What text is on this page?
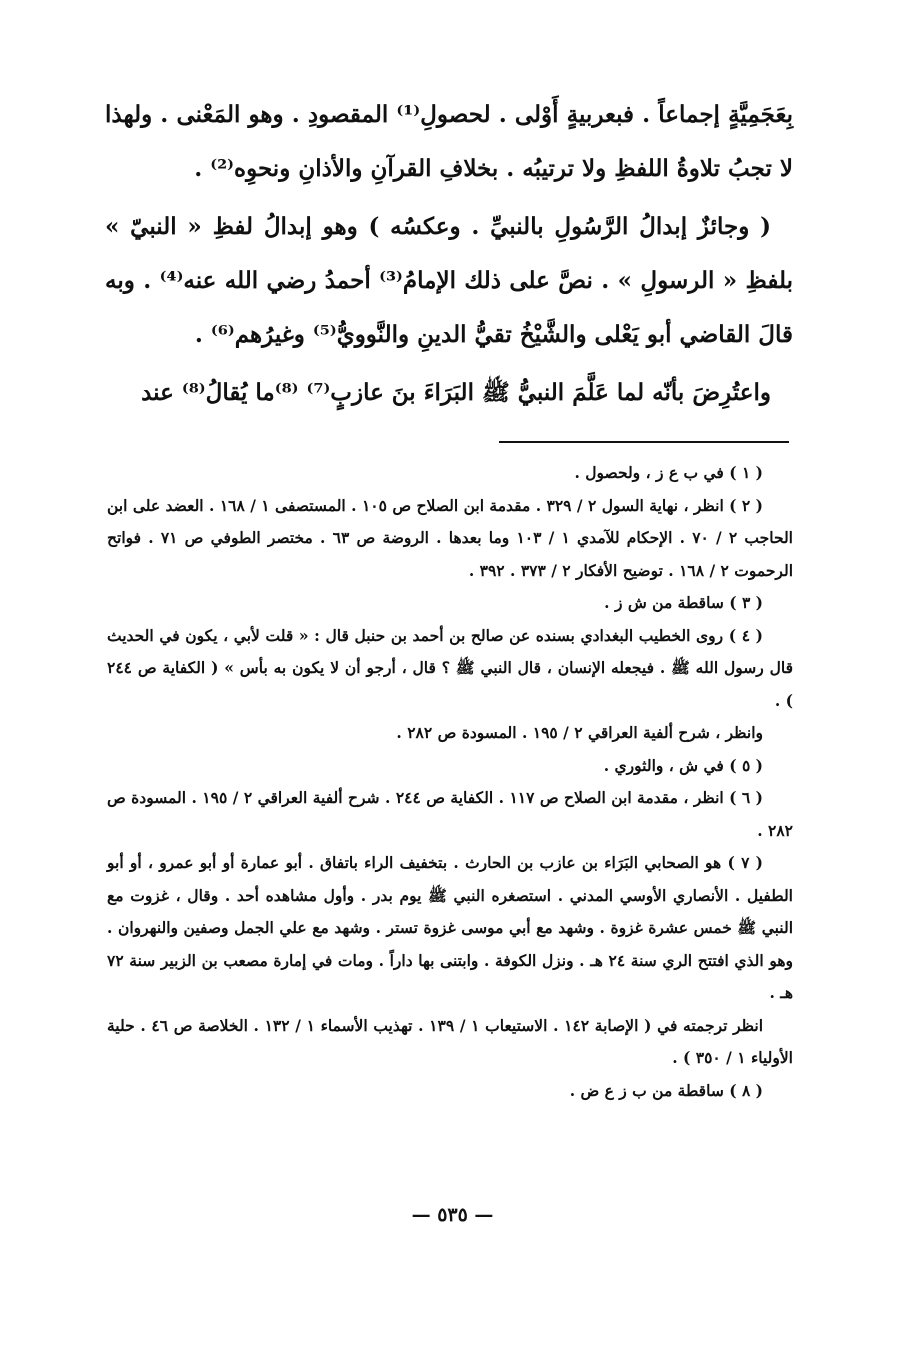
بِعَجَمِيَّةٍ إجماعاً . فبعربيةٍ أَوْلى . لحصولِ⁽¹⁾ المقصودِ . وهو المَعْنى . ولهذا لا تجبُ تلاوةُ اللفظِ ولا ترتيبُه . بخلافِ القرآنِ والأذانِ ونحوِه⁽²⁾ .

( وجائزٌ إبدالُ الرَّسُولِ بالنبيِّ . وعكسُه ) وهو إبدالُ لفظِ « النبيّ » بلفظِ « الرسولِ » . نصَّ على ذلك الإمامُ⁽³⁾ أحمدُ رضي الله عنه⁽⁴⁾ . وبه قالَ القاضي أبو يَعْلى والشَّيْخُ تقيُّ الدينِ والنَّوويُّ⁽⁵⁾ وغيرُهم⁽⁶⁾ .

واعتُرِضَ بأنّه لما عَلَّمَ النبيُّ ﷺ البَرَاءَ بنَ عازبٍ⁽⁷⁾ ⁽⁸⁾ما يُقالُ⁽⁸⁾ عند

( ١ ) في ب ع ز ، ولحصول .

( ٢ ) انظر ، نهاية السول ٢ / ٣٢٩ . مقدمة ابن الصلاح ص ١٠٥ . المستصفى ١ / ١٦٨ . العضد على ابن الحاجب ٢ / ٧٠ . الإحكام للآمدي ١ / ١٠٣ وما بعدها . الروضة ص ٦٣ . مختصر الطوفي ص ٧١ . فواتح الرحموت ٢ / ١٦٨ . توضيح الأفكار ٢ / ٣٧٣ . ٣٩٢ .

( ٣ ) ساقطة من ش ز .

( ٤ ) روى الخطيب البغدادي بسنده عن صالح بن أحمد بن حنبل قال : « قلت لأبي ، يكون في الحديث قال رسول الله ﷺ . فيجعله الإنسان ، قال النبي ﷺ ؟ قال ، أرجو أن لا يكون به بأس » ( الكفاية ص ٢٤٤ ) .

وانظر ، شرح ألفية العراقي ٢ / ١٩٥ . المسودة ص ٢٨٢ .

( ٥ ) في ش ، والثوري .

( ٦ ) انظر ، مقدمة ابن الصلاح ص ١١٧ . الكفاية ص ٢٤٤ . شرح ألفية العراقي ٢ / ١٩٥ . المسودة ص ٢٨٢ .

( ٧ ) هو الصحابي البَرَاء بن عازب بن الحارث . بتخفيف الراء باتفاق . أبو عمارة أو أبو عمرو ، أو أبو الطفيل . الأنصاري الأوسي المدني . استصغره النبي ﷺ يوم بدر . وأول مشاهده أحد . وقال ، غزوت مع النبي ﷺ خمس عشرة غزوة . وشهد مع أبي موسى غزوة تستر . وشهد مع علي الجمل وصفين والنهروان . وهو الذي افتتح الري سنة ٢٤ هـ . ونزل الكوفة . وابتنى بها داراً . ومات في إمارة مصعب بن الزبير سنة ٧٢ هـ .

انظر ترجمته في ( الإصابة ١٤٢ . الاستيعاب ١ / ١٣٩ . تهذيب الأسماء ١ / ١٣٢ . الخلاصة ص ٤٦ . حلية الأولياء ١ / ٣٥٠ ) .

( ٨ ) ساقطة من ب ز ع ض .

— ٥٣٥ —
